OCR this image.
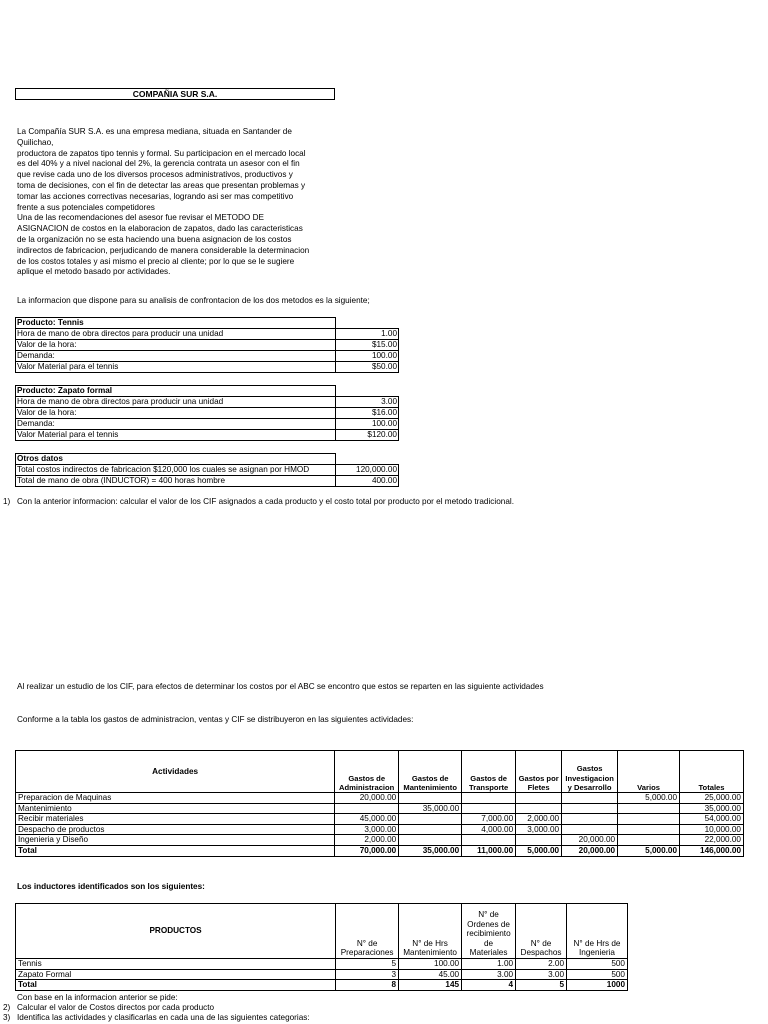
COMPAÑIA SUR S.A.
La Compañía SUR S.A. es una empresa mediana, situada en Santander de
Quilichao,
productora de zapatos tipo tennis y formal. Su participacion en el mercado local
es del 40% y a nivel nacional del 2%, la gerencia contrata un asesor con el fin
que revise cada uno de los diversos procesos administrativos, productivos y
toma de decisiones, con el fin de detectar las areas que presentan problemas y
tomar las acciones correctivas necesarias, logrando asi ser mas competitivo
frente a sus potenciales competidores
Una de las recomendaciones del asesor fue revisar el METODO DE
ASIGNACION de costos en la elaboracion de zapatos, dado las caracteristicas
de la organización no se esta haciendo una buena asignacion de los costos
indirectos de fabricacion, perjudicando de manera considerable la determinacion
de los costos totales y asi mismo el precio al cliente; por lo que se le sugiere
aplique el metodo basado por actividades.
La informacion que dispone para su analisis de confrontacion de los dos metodos es la siguiente;
Producto: Tennis	
Hora de mano de obra directos para producir una unidad	1.00
Valor de la hora:	$15.00
Demanda:	100.00
Valor Material para el tennis	$50.00
Producto: Zapato formal	
Hora de mano de obra directos para producir una unidad	3.00
Valor de la hora:	$16.00
Demanda:	100.00
Valor Material para el tennis	$120.00
Otros datos	
Total costos indirectos de fabricacion $120,000 los cuales se asignan por HMOD	120,000.00
Total de mano de obra (INDUCTOR) = 400 horas hombre	400.00
1) Con la anterior informacion: calcular el valor de los CIF asignados a cada producto y el costo total por producto por el metodo tradicional.
Al realizar un estudio de los CIF, para efectos de determinar los costos por el ABC se encontro que estos se reparten en las siguiente actividades
Conforme a la tabla los gastos de administracion, ventas y CIF se distribuyeron en las siguientes actividades:
Actividades	Gastos de Administracion	Gastos de Mantenimiento	Gastos de Transporte	Gastos por Fletes	Gastos Investigacion y Desarrollo	Varios	Totales
Preparacion de Maquinas	20,000.00					5,000.00	25,000.00
Mantenimiento		35,000.00					35,000.00
Recibir materiales	45,000.00		7,000.00	2,000.00			54,000.00
Despacho de productos	3,000.00		4,000.00	3,000.00			10,000.00
Ingenieria y Diseño	2,000.00				20,000.00		22,000.00
Total	70,000.00	35,000.00	11,000.00	5,000.00	20,000.00	5,000.00	146,000.00
Los inductores identificados son los siguientes:
PRODUCTOS	N° de Preparaciones	N° de Hrs Mantenimiento	N° de Ordenes de recibimiento de Materiales	N° de Despachos	N° de Hrs de Ingenieria
Tennis	5	100.00	1.00	2.00	500
Zapato Formal	3	45.00	3.00	3.00	500
Total	8	145	4	5	1000
Con base en la informacion anterior se pide:
2) Calcular el valor de Costos directos por cada producto
3) Identifica las actividades y clasificarlas en cada una de las siguientes categorias:
